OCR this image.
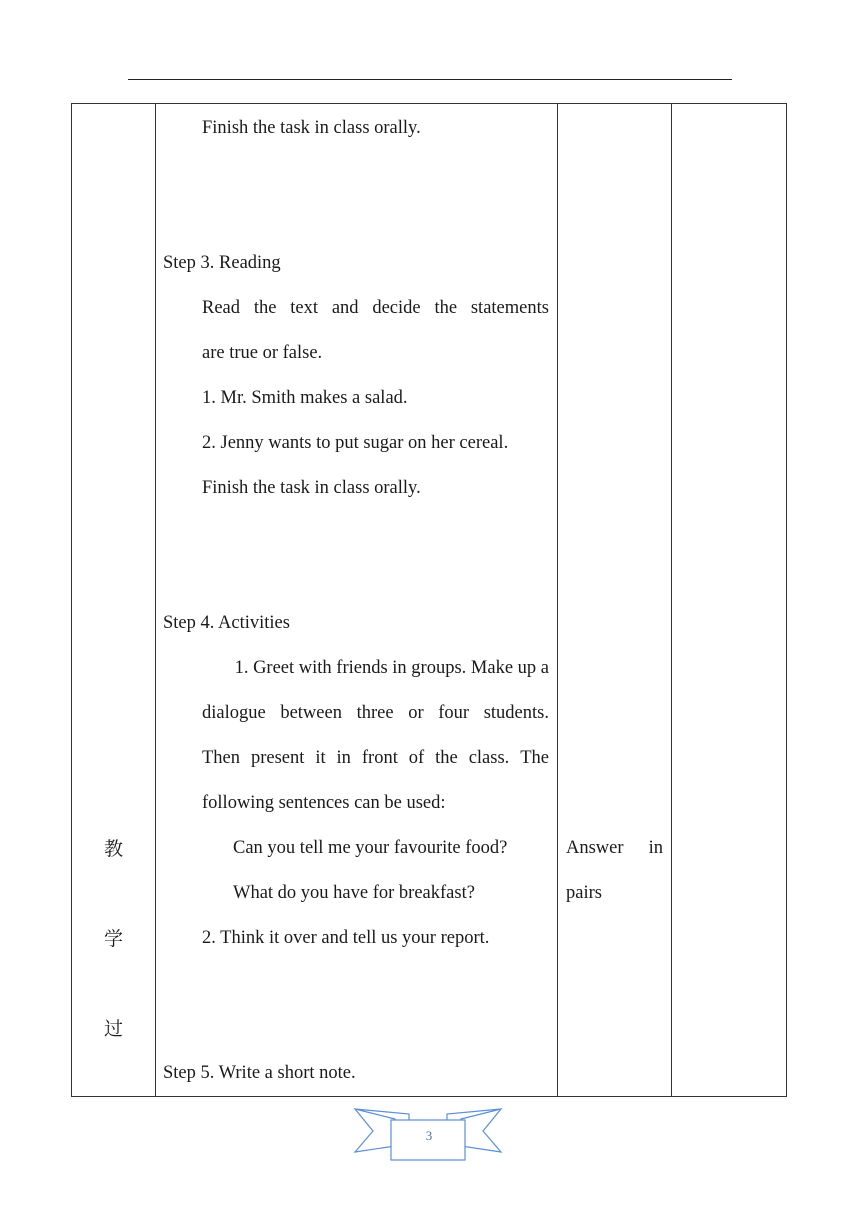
教
学
过
Finish the task in class orally.
Step 3. Reading
Read the text and decide the statements
are true or false.
1. Mr. Smith makes a salad.
2. Jenny wants to put sugar on her cereal.
Finish the task in class orally.
Step 4. Activities
1. Greet with friends in groups. Make up a
dialogue between three or four students.
Then present it in front of the class. The
following sentences can be used:
Can you tell me your favourite food?
What do you have for breakfast?
2. Think it over and tell us your report.
Step 5. Write a short note.
Answer in
pairs
3
